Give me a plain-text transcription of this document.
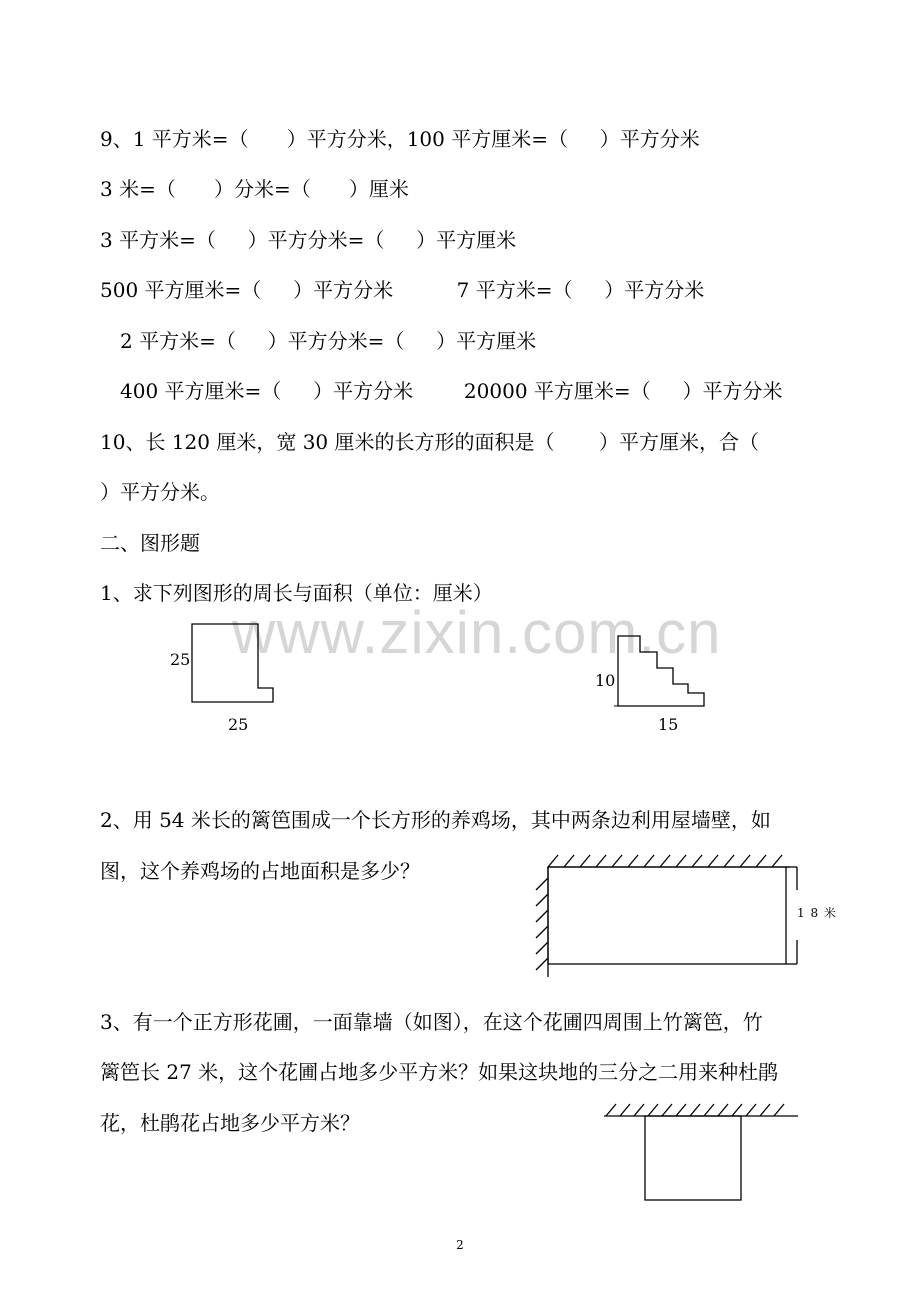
www.zixin.com.cn
9、1 平方米=（      ）平方分米，100 平方厘米=（     ）平方分米
3 米=（      ）分米=（      ）厘米
3 平方米=（     ）平方分米=（     ）平方厘米
500 平方厘米=（     ）平方分米          7 平方米=（     ）平方分米
2 平方米=（     ）平方分米=（     ）平方厘米
400 平方厘米=（     ）平方分米        20000 平方厘米=（     ）平方分米
10、长 120 厘米，宽 30 厘米的长方形的面积是（       ）平方厘米，合（
）平方分米。
二、图形题
1、求下列图形的周长与面积（单位：厘米）
2、用 54 米长的篱笆围成一个长方形的养鸡场，其中两条边利用屋墙壁，如
图，这个养鸡场的占地面积是多少？
3、有一个正方形花圃，一面靠墙（如图），在这个花圃四周围上竹篱笆，竹
篱笆长 27 米，这个花圃占地多少平方米？如果这块地的三分之二用来种杜鹃
花，杜鹃花占地多少平方米？
25
25
10
15
1 8 米
2
